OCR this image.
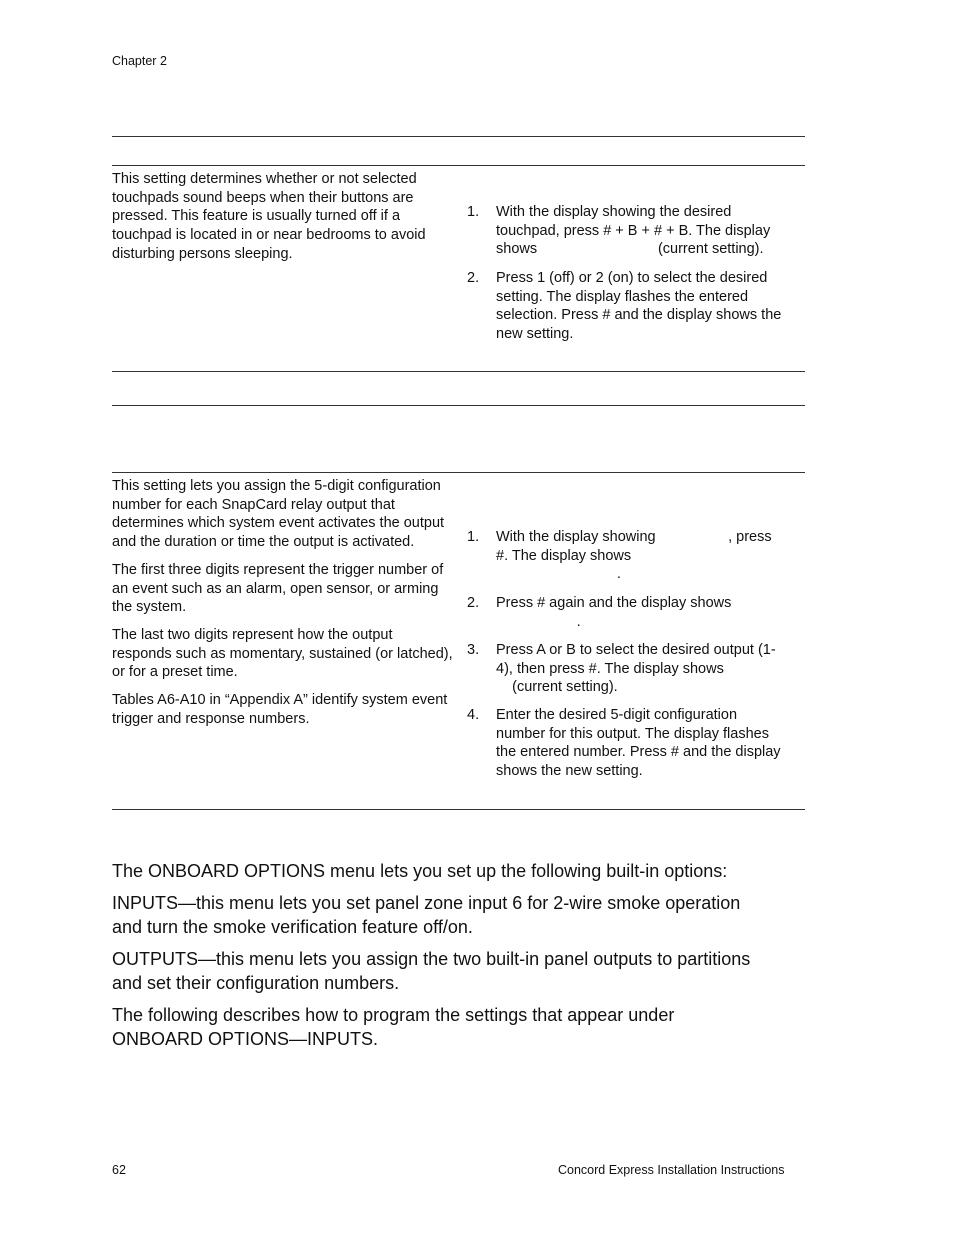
Chapter 2
This setting determines whether or not selected touchpads sound beeps when their buttons are pressed. This feature is usually turned off if a touchpad is located in or near bedrooms to avoid disturbing persons sleeping.
1. With the display showing the desired
touchpad, press # + B + # + B. The display
shows                              (current setting).
2. Press 1 (off) or 2 (on) to select the desired
setting. The display flashes the entered
selection. Press # and the display shows the
new setting.
This setting lets you assign the 5-digit configuration number for each SnapCard relay output that determines which system event activates the output and the duration or time the output is activated.
The first three digits represent the trigger number of an event such as an alarm, open sensor, or arming the system.
The last two digits represent how the output responds such as momentary, sustained (or latched), or for a preset time.
Tables A6-A10 in “Appendix A” identify system event trigger and response numbers.
1. With the display showing                  , press
#. The display shows
.
2. Press # again and the display shows
.
3. Press A or B to select the desired output (1-
4), then press #. The display shows
(current setting).
4. Enter the desired 5-digit configuration
number for this output. The display flashes
the entered number. Press # and the display
shows the new setting.

The ONBOARD OPTIONS menu lets you set up the following built-in options:

INPUTS—this menu lets you set panel zone input 6 for 2-wire smoke operation
and turn the smoke verification feature off/on.

OUTPUTS—this menu lets you assign the two built-in panel outputs to partitions
and set their configuration numbers.

The following describes how to program the settings that appear under
ONBOARD OPTIONS—INPUTS.

62	Concord Express Installation Instructions
